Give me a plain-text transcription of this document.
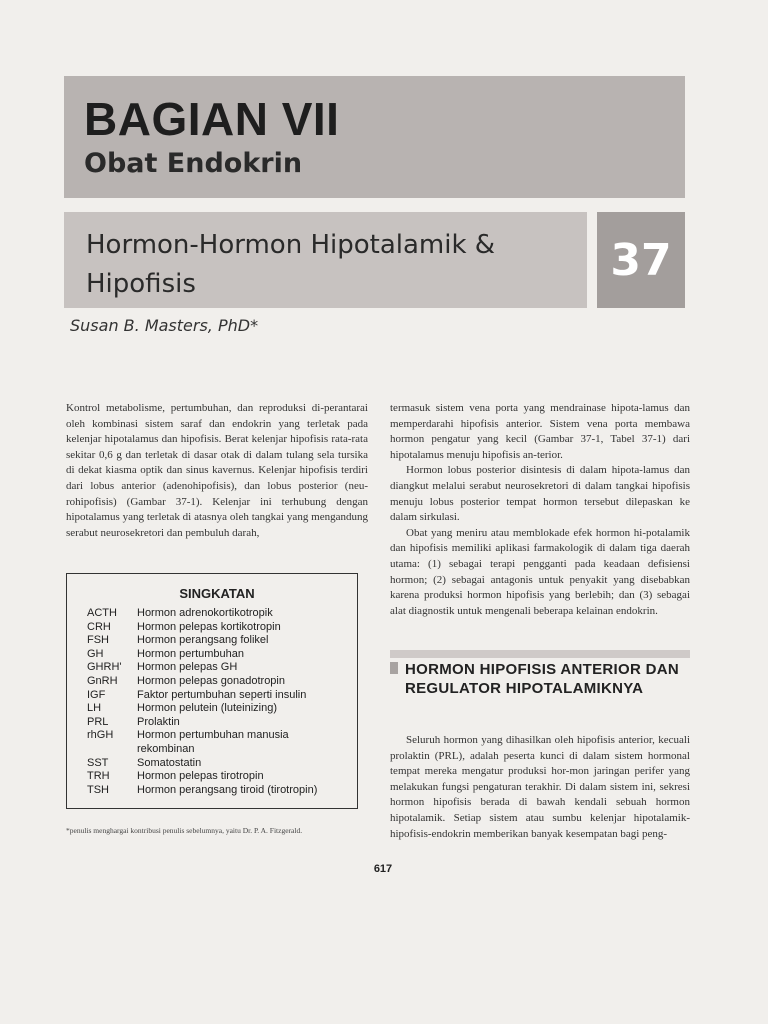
BAGIAN VII
Obat Endokrin
Hormon-Hormon Hipotalamik & Hipofisis	37

Susan B. Masters, PhD*

Kontrol metabolisme, pertumbuhan, dan reproduksi di-perantarai oleh kombinasi sistem saraf dan endokrin yang terletak pada kelenjar hipotalamus dan hipofisis. Berat kelenjar hipofisis rata-rata sekitar 0,6 g dan terletak di dasar otak di dalam tulang sela tursika di dekat kiasma optik dan sinus kavernus. Kelenjar hipofisis terdiri dari lobus anterior (adenohipofisis), dan lobus posterior (neu-rohipofisis) (Gambar 37-1). Kelenjar ini terhubung dengan hipotalamus yang terletak di atasnya oleh tangkai yang mengandung serabut neurosekretori dan pembuluh darah,

SINGKATAN

ACTH	Hormon adrenokortikotropik
CRH	Hormon pelepas kortikotropin
FSH	Hormon perangsang folikel
GH	Hormon pertumbuhan
GHRH'	Hormon pelepas GH
GnRH	Hormon pelepas gonadotropin
IGF	Faktor pertumbuhan seperti insulin
LH	Hormon pelutein (luteinizing)
PRL	Prolaktin
rhGH	Hormon pertumbuhan manusia rekombinan
SST	Somatostatin
TRH	Hormon pelepas tirotropin
TSH	Hormon perangsang tiroid (tirotropin)

*penulis menghargai kontribusi penulis sebelumnya, yaitu Dr. P. A. Fitzgerald.

termasuk sistem vena porta yang mendrainase hipota-lamus dan memperdarahi hipofisis anterior. Sistem vena porta membawa hormon pengatur yang kecil (Gambar 37-1, Tabel 37-1) dari hipotalamus menuju hipofisis an-terior.

Hormon lobus posterior disintesis di dalam hipota-lamus dan diangkut melalui serabut neurosekretori di dalam tangkai hipofisis menuju lobus posterior tempat hormon tersebut dilepaskan ke dalam sirkulasi.

Obat yang meniru atau memblokade efek hormon hi-potalamik dan hipofisis memiliki aplikasi farmakologik di dalam tiga daerah utama: (1) sebagai terapi pengganti pada keadaan defisiensi hormon; (2) sebagai antagonis untuk penyakit yang disebabkan karena produksi hormon hipofisis yang berlebih; dan (3) sebagai alat diagnostik untuk mengenali beberapa kelainan endokrin.

HORMON HIPOFISIS ANTERIOR DAN REGULATOR HIPOTALAMIKNYA

Seluruh hormon yang dihasilkan oleh hipofisis anterior, kecuali prolaktin (PRL), adalah peserta kunci di dalam sistem hormonal tempat mereka mengatur produksi hor-mon jaringan perifer yang melakukan fungsi pengaturan terakhir. Di dalam sistem ini, sekresi hormon hipofisis berada di bawah kendali sebuah hormon hipotalamik. Setiap sistem atau sumbu kelenjar hipotalamik-hipofisis-endokrin memberikan banyak kesempatan bagi peng-

617
